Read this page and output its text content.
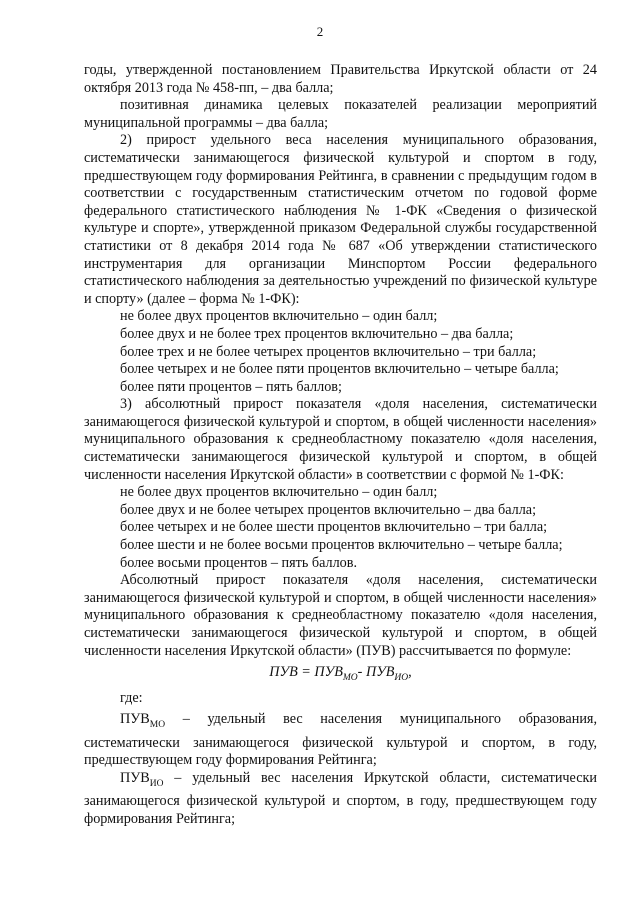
2

годы, утвержденной постановлением Правительства Иркутской области от 24 октября 2013 года № 458-пп, – два балла;

позитивная динамика целевых показателей реализации мероприятий муниципальной программы – два балла;

2) прирост удельного веса населения муниципального образования, систематически занимающегося физической культурой и спортом в году, предшествующем году формирования Рейтинга, в сравнении с предыдущим годом в соответствии с государственным статистическим отчетом по годовой форме федерального статистического наблюдения № 1-ФК «Сведения о физической культуре и спорте», утвержденной приказом Федеральной службы государственной статистики от 8 декабря 2014 года № 687 «Об утверждении статистического инструментария для организации Минспортом России федерального статистического наблюдения за деятельностью учреждений по физической культуре и спорту» (далее – форма № 1-ФК):

не более двух процентов включительно – один балл;

более двух и не более трех процентов включительно – два балла;

более трех и не более четырех процентов включительно – три балла;

более четырех и не более пяти процентов включительно – четыре балла;

более пяти процентов – пять баллов;

3) абсолютный прирост показателя «доля населения, систематически занимающегося физической культурой и спортом, в общей численности населения» муниципального образования к среднеобластному показателю «доля населения, систематически занимающегося физической культурой и спортом, в общей численности населения Иркутской области» в соответствии с формой № 1-ФК:

не более двух процентов включительно – один балл;

более двух и не более четырех процентов включительно – два балла;

более четырех и не более шести процентов включительно – три балла;

более шести и не более восьми процентов включительно – четыре балла;

более восьми процентов – пять баллов.

Абсолютный прирост показателя «доля населения, систематически занимающегося физической культурой и спортом, в общей численности населения» муниципального образования к среднеобластному показателю «доля населения, систематически занимающегося физической культурой и спортом, в общей численности населения Иркутской области» (ПУВ) рассчитывается по формуле:

ПУВ = $ПУВ_{МО}-$ $ПУВ_{ИО}$,

где:

$ПУВ_{МО}$ – удельный вес населения муниципального образования, систематически занимающегося физической культурой и спортом, в году, предшествующем году формирования Рейтинга;

$ПУВ_{ИО}$ – удельный вес населения Иркутской области, систематически занимающегося физической культурой и спортом, в году, предшествующем году формирования Рейтинга;
